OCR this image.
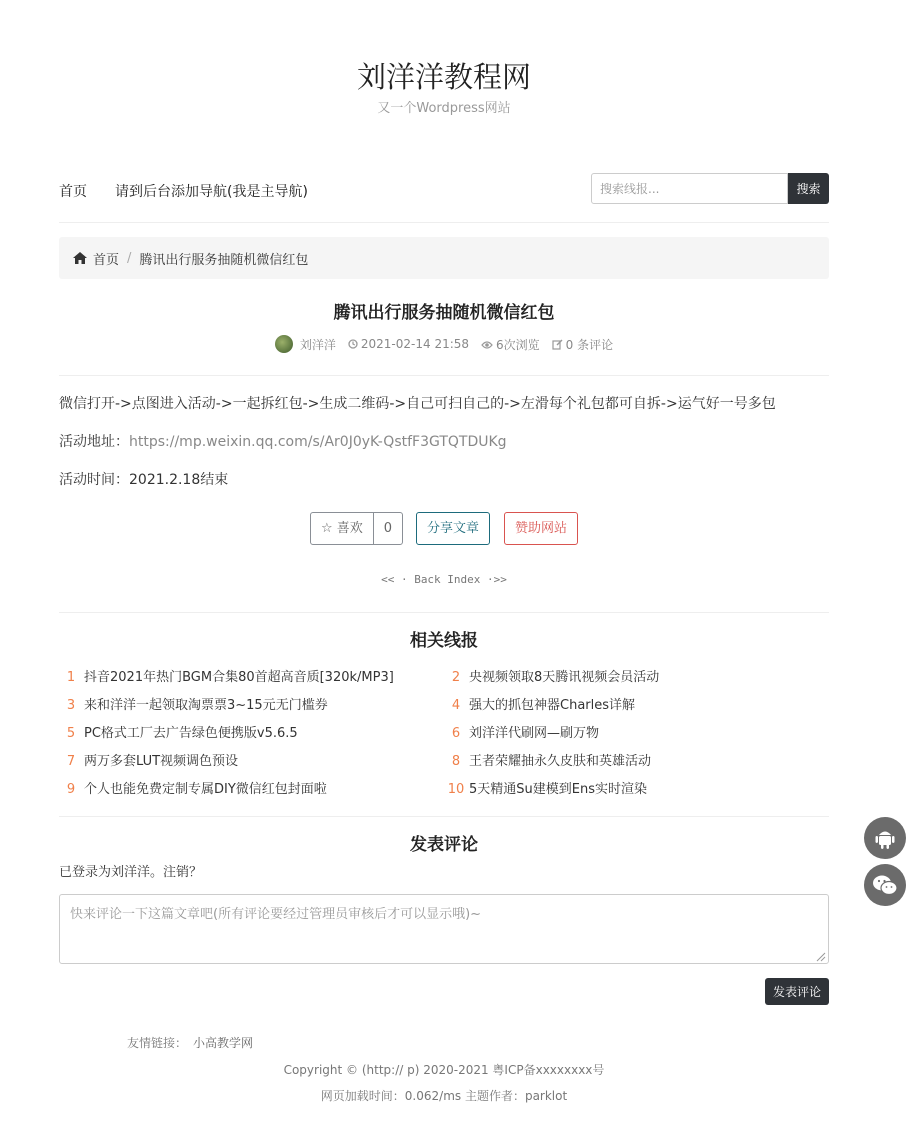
刘洋洋教程网
又一个Wordpress网站
首页 请到后台添加导航(我是主导航)
搜索线报...	搜索
首页 / 腾讯出行服务抽随机微信红包
腾讯出行服务抽随机微信红包
刘洋洋	2021-02-14 21:58	6次浏览	0 条评论

微信打开->点图进入活动->一起拆红包->生成二维码->自己可扫自己的->左滑每个礼包都可自拆->运气好一号多包

活动地址：https://mp.weixin.qq.com/s/Ar0J0yK-QstfF3GTQTDUKg

活动时间：2021.2.18结束

☆ 喜欢	0	分享文章	赞助网站
<< · Back Index ·>>
相关线报
1 抖音2021年热门BGM合集80首超高音质[320k/MP3]	2 央视频领取8天腾讯视频会员活动
3 来和洋洋一起领取淘票票3~15元无门槛券	4 强大的抓包神器Charles详解
5 PC格式工厂去广告绿色便携版v5.6.5	6 刘洋洋代刷网—刷万物
7 两万多套LUT视频调色预设	8 王者荣耀抽永久皮肤和英雄活动
9 个人也能免费定制专属DIY微信红包封面啦	10 5天精通Su建模到Ens实时渲染
发表评论
已登录为刘洋洋。注销？
快来评论一下这篇文章吧(所有评论要经过管理员审核后才可以显示哦)~
发表评论
友情链接： 小高教学网
Copyright © (http:// p) 2020-2021 粤ICP备xxxxxxxx号
网页加载时间：0.062/ms 主题作者：parklot
